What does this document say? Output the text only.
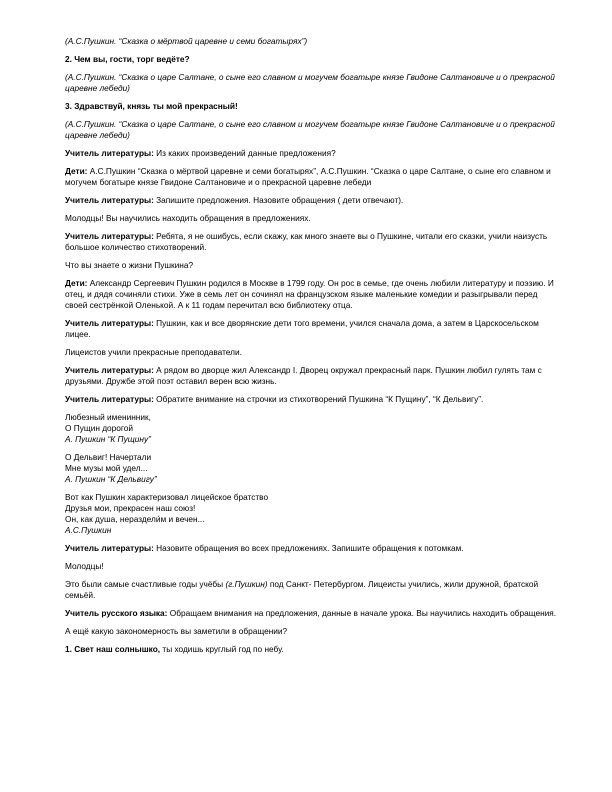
(А.С.Пушкин. “Сказка о мёртвой царевне и семи богатырях”)
2. Чем вы, гости, торг ведёте?
(А.С.Пушкин. “Сказка о царе Салтане, о сыне его славном и могучем богатыре князе Гвидоне Салтановиче и о прекрасной царевне лебеди)
3. Здравствуй, князь ты мой прекрасный!
(А.С.Пушкин. “Сказка о царе Салтане, о сыне его славном и могучем богатыре князе Гвидоне Салтановиче и о прекрасной царевне лебеди)
Учитель литературы: Из каких произведений данные предложения?
Дети: А.С.Пушкин “Сказка о мёртвой царевне и семи богатырях”, А.С.Пушкин. “Сказка о царе Салтане, о сыне его славном и могучем богатыре князе Гвидоне Салтановиче и о прекрасной царевне лебеди
Учитель литературы: Запишите предложения. Назовите обращения ( дети отвечают).
Молодцы! Вы научились находить обращения в предложениях.
Учитель литературы: Ребята, я не ошибусь, если скажу, как много знаете вы о Пушкине, читали его сказки, учили наизусть большое количество стихотворений.
Что вы знаете о жизни Пушкина?
Дети: Александр Сергеевич Пушкин родился в Москве в 1799 году. Он рос в семье, где очень любили литературу и поэзию. И отец, и дядя сочиняли стихи. Уже в семь лет он сочинял на французском языке маленькие комедии и разыгрывали перед своей сестрёнкой Оленькой. А к 11 годам перечитал всю библиотеку отца.
Учитель литературы: Пушкин, как и все дворянские дети того времени, учился сначала дома, а затем в Царскосельском лицее.
Лицеистов учили прекрасные преподаватели.
Учитель литературы: А рядом во дворце жил Александр I. Дворец окружал прекрасный парк. Пушкин любил гулять там с друзьями. Дружбе этой поэт оставил верен всю жизнь.
Учитель литературы: Обратите внимание на строчки из стихотворений Пушкина “К Пущину”, “К Дельвигу”.
Любезный именинник,
О Пущин дорогой
А. Пушкин “К Пущину”
О Дельвиг! Начертали
Мне музы мой удел...
А. Пушкин “К Дельвигу”
Вот как Пушкин характеризовал лицейское братство
Друзья мои, прекрасен наш союз!
Он, как душа, нераздели́м и вечен...
А.С.Пушкин
Учитель литературы: Назовите обращения во всех предложениях. Запишите обращения к потомкам.
Молодцы!
Это были самые счастливые годы учёбы (г.Пушкин) под Санкт- Петербургом. Лицеисты учились, жили дружной, братской семьёй.
Учитель русского языка: Обращаем внимания на предложения, данные в начале урока. Вы научились находить обращения.
А ещё какую закономерность вы заметили в обращении?
1. Свет наш солнышко, ты ходишь круглый год по небу.
